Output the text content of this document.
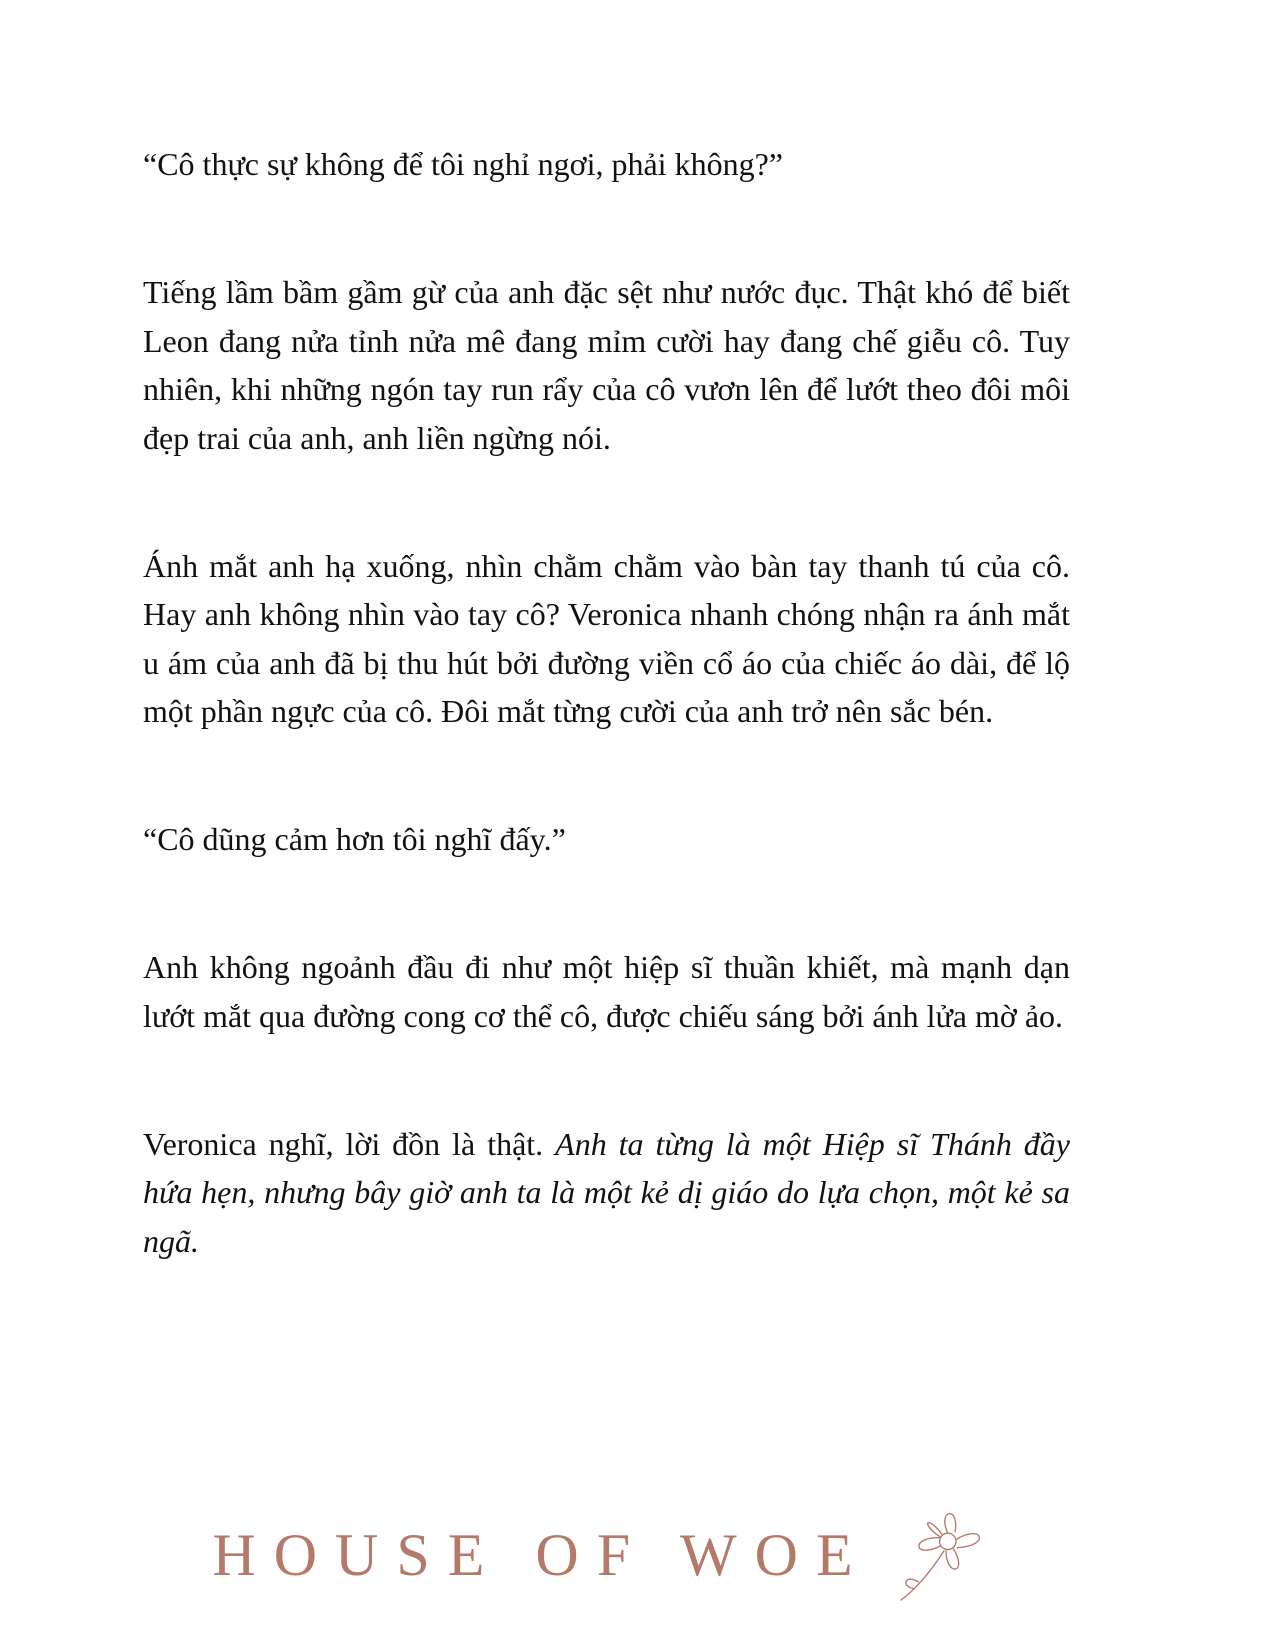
“Cô thực sự không để tôi nghỉ ngơi, phải không?”

Tiếng lầm bầm gầm gừ của anh đặc sệt như nước đục. Thật khó để biết Leon đang nửa tỉnh nửa mê đang mỉm cười hay đang chế giễu cô. Tuy nhiên, khi những ngón tay run rẩy của cô vươn lên để lướt theo đôi môi đẹp trai của anh, anh liền ngừng nói.

Ánh mắt anh hạ xuống, nhìn chằm chằm vào bàn tay thanh tú của cô. Hay anh không nhìn vào tay cô? Veronica nhanh chóng nhận ra ánh mắt u ám của anh đã bị thu hút bởi đường viền cổ áo của chiếc áo dài, để lộ một phần ngực của cô. Đôi mắt từng cười của anh trở nên sắc bén.

“Cô dũng cảm hơn tôi nghĩ đấy.”

Anh không ngoảnh đầu đi như một hiệp sĩ thuần khiết, mà mạnh dạn lướt mắt qua đường cong cơ thể cô, được chiếu sáng bởi ánh lửa mờ ảo.

Veronica nghĩ, lời đồn là thật. Anh ta từng là một Hiệp sĩ Thánh đầy hứa hẹn, nhưng bây giờ anh ta là một kẻ dị giáo do lựa chọn, một kẻ sa ngã.

HOUSE OF WOE
